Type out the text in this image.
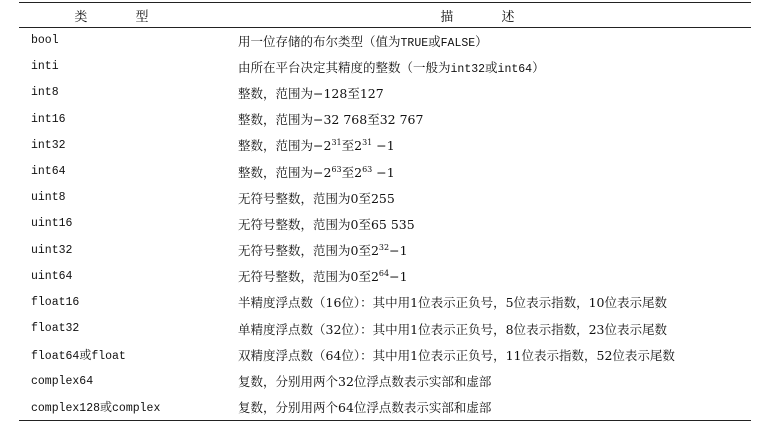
类 型	描 述
bool	用一位存储的布尔类型（值为TRUE或FALSE）
inti	由所在平台决定其精度的整数（一般为int32或int64）
int8	整数，范围为−128至127
int16	整数，范围为−32 768至32 767
int32	整数，范围为$-2^{31}$至$2^{31} -1$
int64	整数，范围为$-2^{63}$至$2^{63} -1$
uint8	无符号整数，范围为0至255
uint16	无符号整数，范围为0至65 535
uint32	无符号整数，范围为0至$2^{32}-1$
uint64	无符号整数，范围为0至$2^{64}-1$
float16	半精度浮点数（16位）：其中用1位表示正负号，5位表示指数，10位表示尾数
float32	单精度浮点数（32位）：其中用1位表示正负号，8位表示指数，23位表示尾数
float64或float	双精度浮点数（64位）：其中用1位表示正负号，11位表示指数，52位表示尾数
complex64	复数，分别用两个32位浮点数表示实部和虚部
complex128或complex	复数，分别用两个64位浮点数表示实部和虚部
